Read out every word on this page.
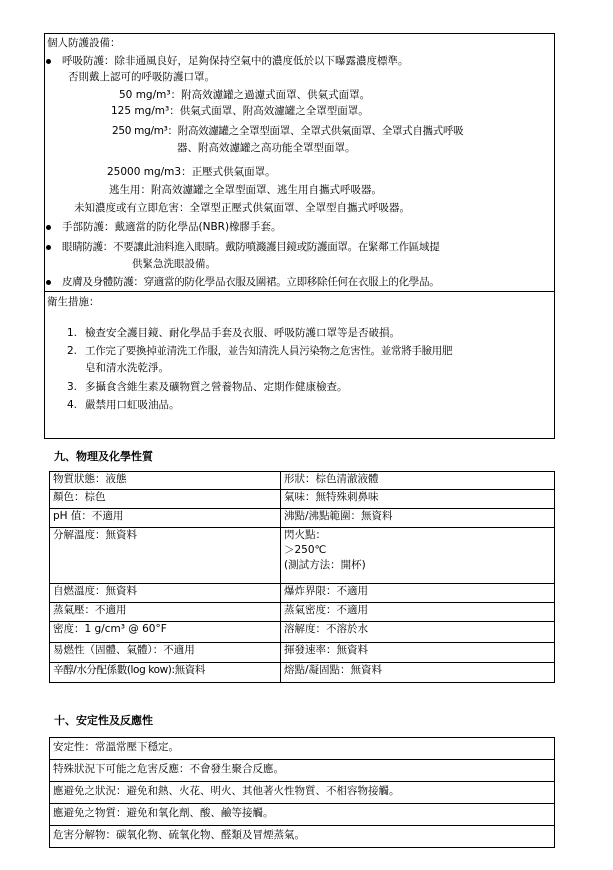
個人防護設備：
呼吸防護：除非通風良好，足夠保持空氣中的濃度低於以下曝露濃度標準。
否則戴上認可的呼吸防護口罩。
50 mg/m³：附高效濾罐之過濾式面罩、供氣式面罩。
125 mg/m³：供氣式面罩、附高效濾罐之全罩型面罩。
250 mg/m³：附高效濾罐之全罩型面罩、全罩式供氣面罩、全罩式自攜式呼吸
器、附高效濾罐之高功能全罩型面罩。
25000 mg/m3：正壓式供氣面罩。
逃生用：附高效濾罐之全罩型面罩、逃生用自攜式呼吸器。
未知濃度或有立即危害：全罩型正壓式供氣面罩、全罩型自攜式呼吸器。
手部防護：戴適當的防化學品(NBR)橡膠手套。
眼睛防護：不要讓此油料進入眼睛。戴防噴濺護目鏡或防護面罩。在緊鄰工作區域提
供緊急洗眼設備。
皮膚及身體防護：穿適當的防化學品衣服及圍裙。立即移除任何在衣服上的化學品。
衛生措施：
1. 檢查安全護目鏡、耐化學品手套及衣服、呼吸防護口罩等是否破損。
2. 工作完了要換掉並清洗工作服，並告知清洗人員污染物之危害性。並常將手臉用肥
皂和清水洗乾淨。
3. 多攝食含維生素及礦物質之營養物品、定期作健康檢查。
4. 嚴禁用口虹吸油品。
九、物理及化學性質
物質狀態：液態	形狀：棕色清澈液體
顏色：棕色	氣味：無特殊刺鼻味
pH 值：不適用	沸點/沸點範圍：無資料
分解溫度：無資料	閃火點：
＞250℃
(測試方法：開杯)

自燃溫度：無資料	爆炸界限：不適用
蒸氣壓：不適用	蒸氣密度：不適用
密度：1 g/cm³ @ 60°F	溶解度：不溶於水
易燃性（固體、氣體）：不適用	揮發速率：無資料
辛醇/水分配係數(log kow):無資料	熔點/凝固點：無資料
十、安定性及反應性
安定性：常溫常壓下穩定。
特殊狀況下可能之危害反應：不會發生聚合反應。
應避免之狀況：避免和熱、火花、明火、其他著火性物質、不相容物接觸。
應避免之物質：避免和氧化劑、酸、鹼等接觸。
危害分解物：碳氧化物、硫氧化物、醛類及冒煙蒸氣。
